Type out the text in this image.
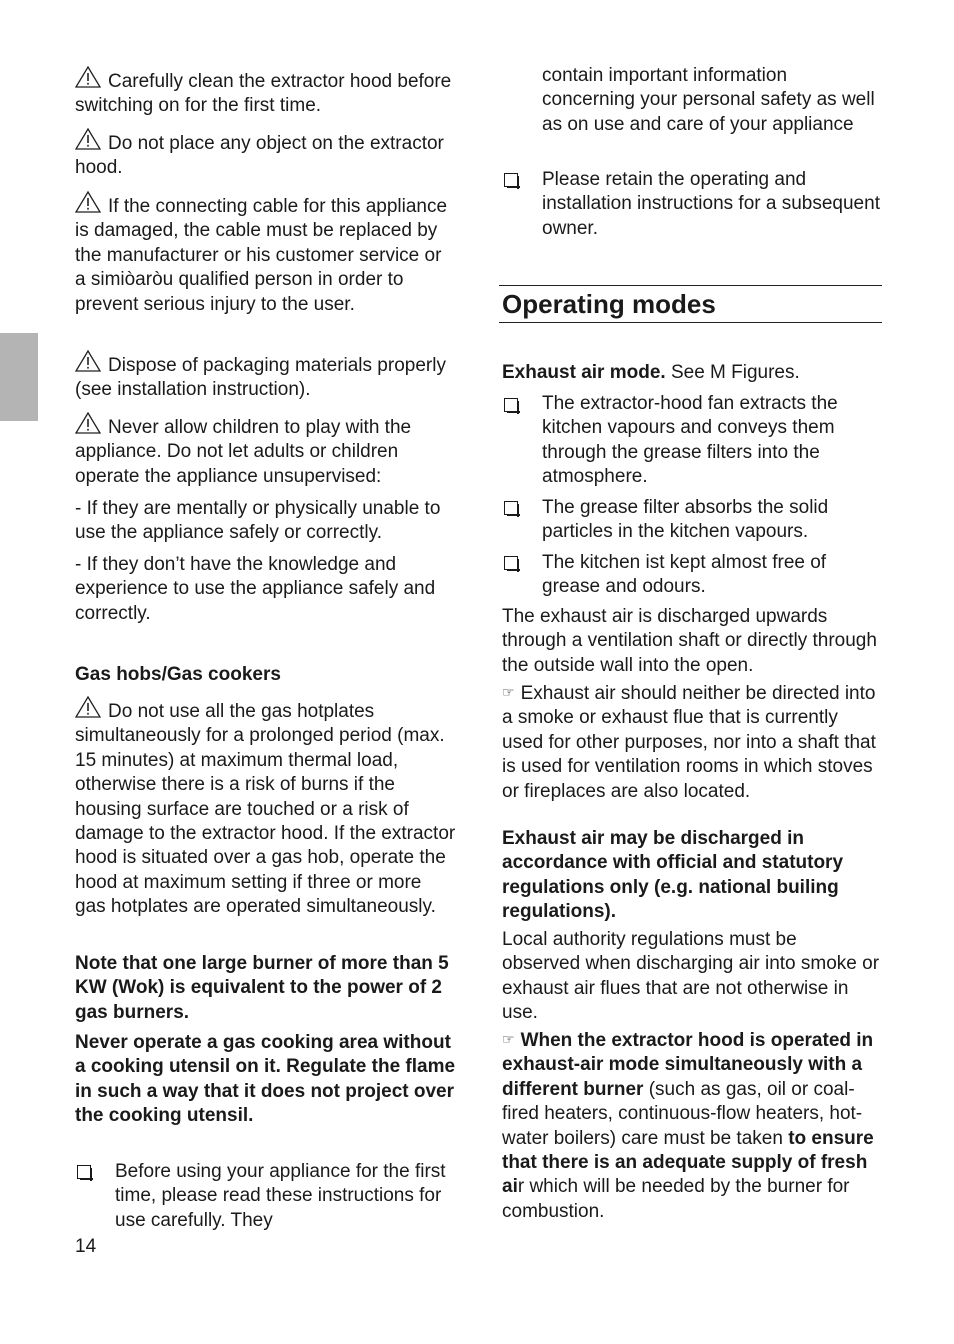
Carefully clean the extractor hood before switching on for the first time.

Do not place any object on the extractor hood.

If the connecting cable for this appliance is damaged, the cable must be replaced by the manufacturer or his customer service or a simiòaròu qualified person in order to prevent serious injury to the user.

Dispose of packaging materials properly (see installation instruction).

Never allow children to play with the appliance. Do not let adults or children operate the appliance unsupervised:

- If they are mentally or physically unable to use the appliance safely or correctly.

- If they don’t have the knowledge and experience to use the appliance safely and correctly.

Gas hobs/Gas cookers

Do not use all the gas hotplates simultaneously for a prolonged period (max. 15 minutes) at maximum thermal load, otherwise there is a risk of burns if the housing surface are touched or a risk of damage to the extractor hood. If the extractor hood is situated over a gas hob, operate the hood at maximum setting if three or more gas hotplates are operated simultaneously.

Note that one large burner of more than 5 KW (Wok) is equivalent to the power of 2 gas burners.

Never operate a gas cooking area without a cooking utensil on it. Regulate the flame in such a way that it does not project over the cooking utensil.

Before using your appliance for the first time, please read these instructions for use carefully. They

14

contain important information concerning your personal safety as well as on use and care of your appliance

Please retain the operating and installation instructions for a subsequent owner.

Operating modes

Exhaust air mode. See M Figures.

The extractor-hood fan extracts the kitchen vapours and conveys them through the grease filters into the atmosphere.

The grease filter absorbs the solid particles in the kitchen vapours.

The kitchen ist kept almost free of grease and odours.

The exhaust air is discharged upwards through a ventilation shaft or directly through the outside wall into the open.

☞ Exhaust air should neither be directed into a smoke or exhaust flue that is currently used for other purposes, nor into a shaft that is used for ventilation rooms in which stoves or fireplaces are also located.

Exhaust air may be discharged in accordance with official and statutory regulations only (e.g. national builing regulations).

Local authority regulations must be observed when discharging air into smoke or exhaust air flues that are not otherwise in use.

☞ When the extractor hood is operated in exhaust-air mode simultaneously with a different burner (such as gas, oil or coal-fired heaters, continuous-flow heaters, hot-water boilers) care must be taken to ensure that there is an adequate supply of fresh air which will be needed by the burner for combustion.
